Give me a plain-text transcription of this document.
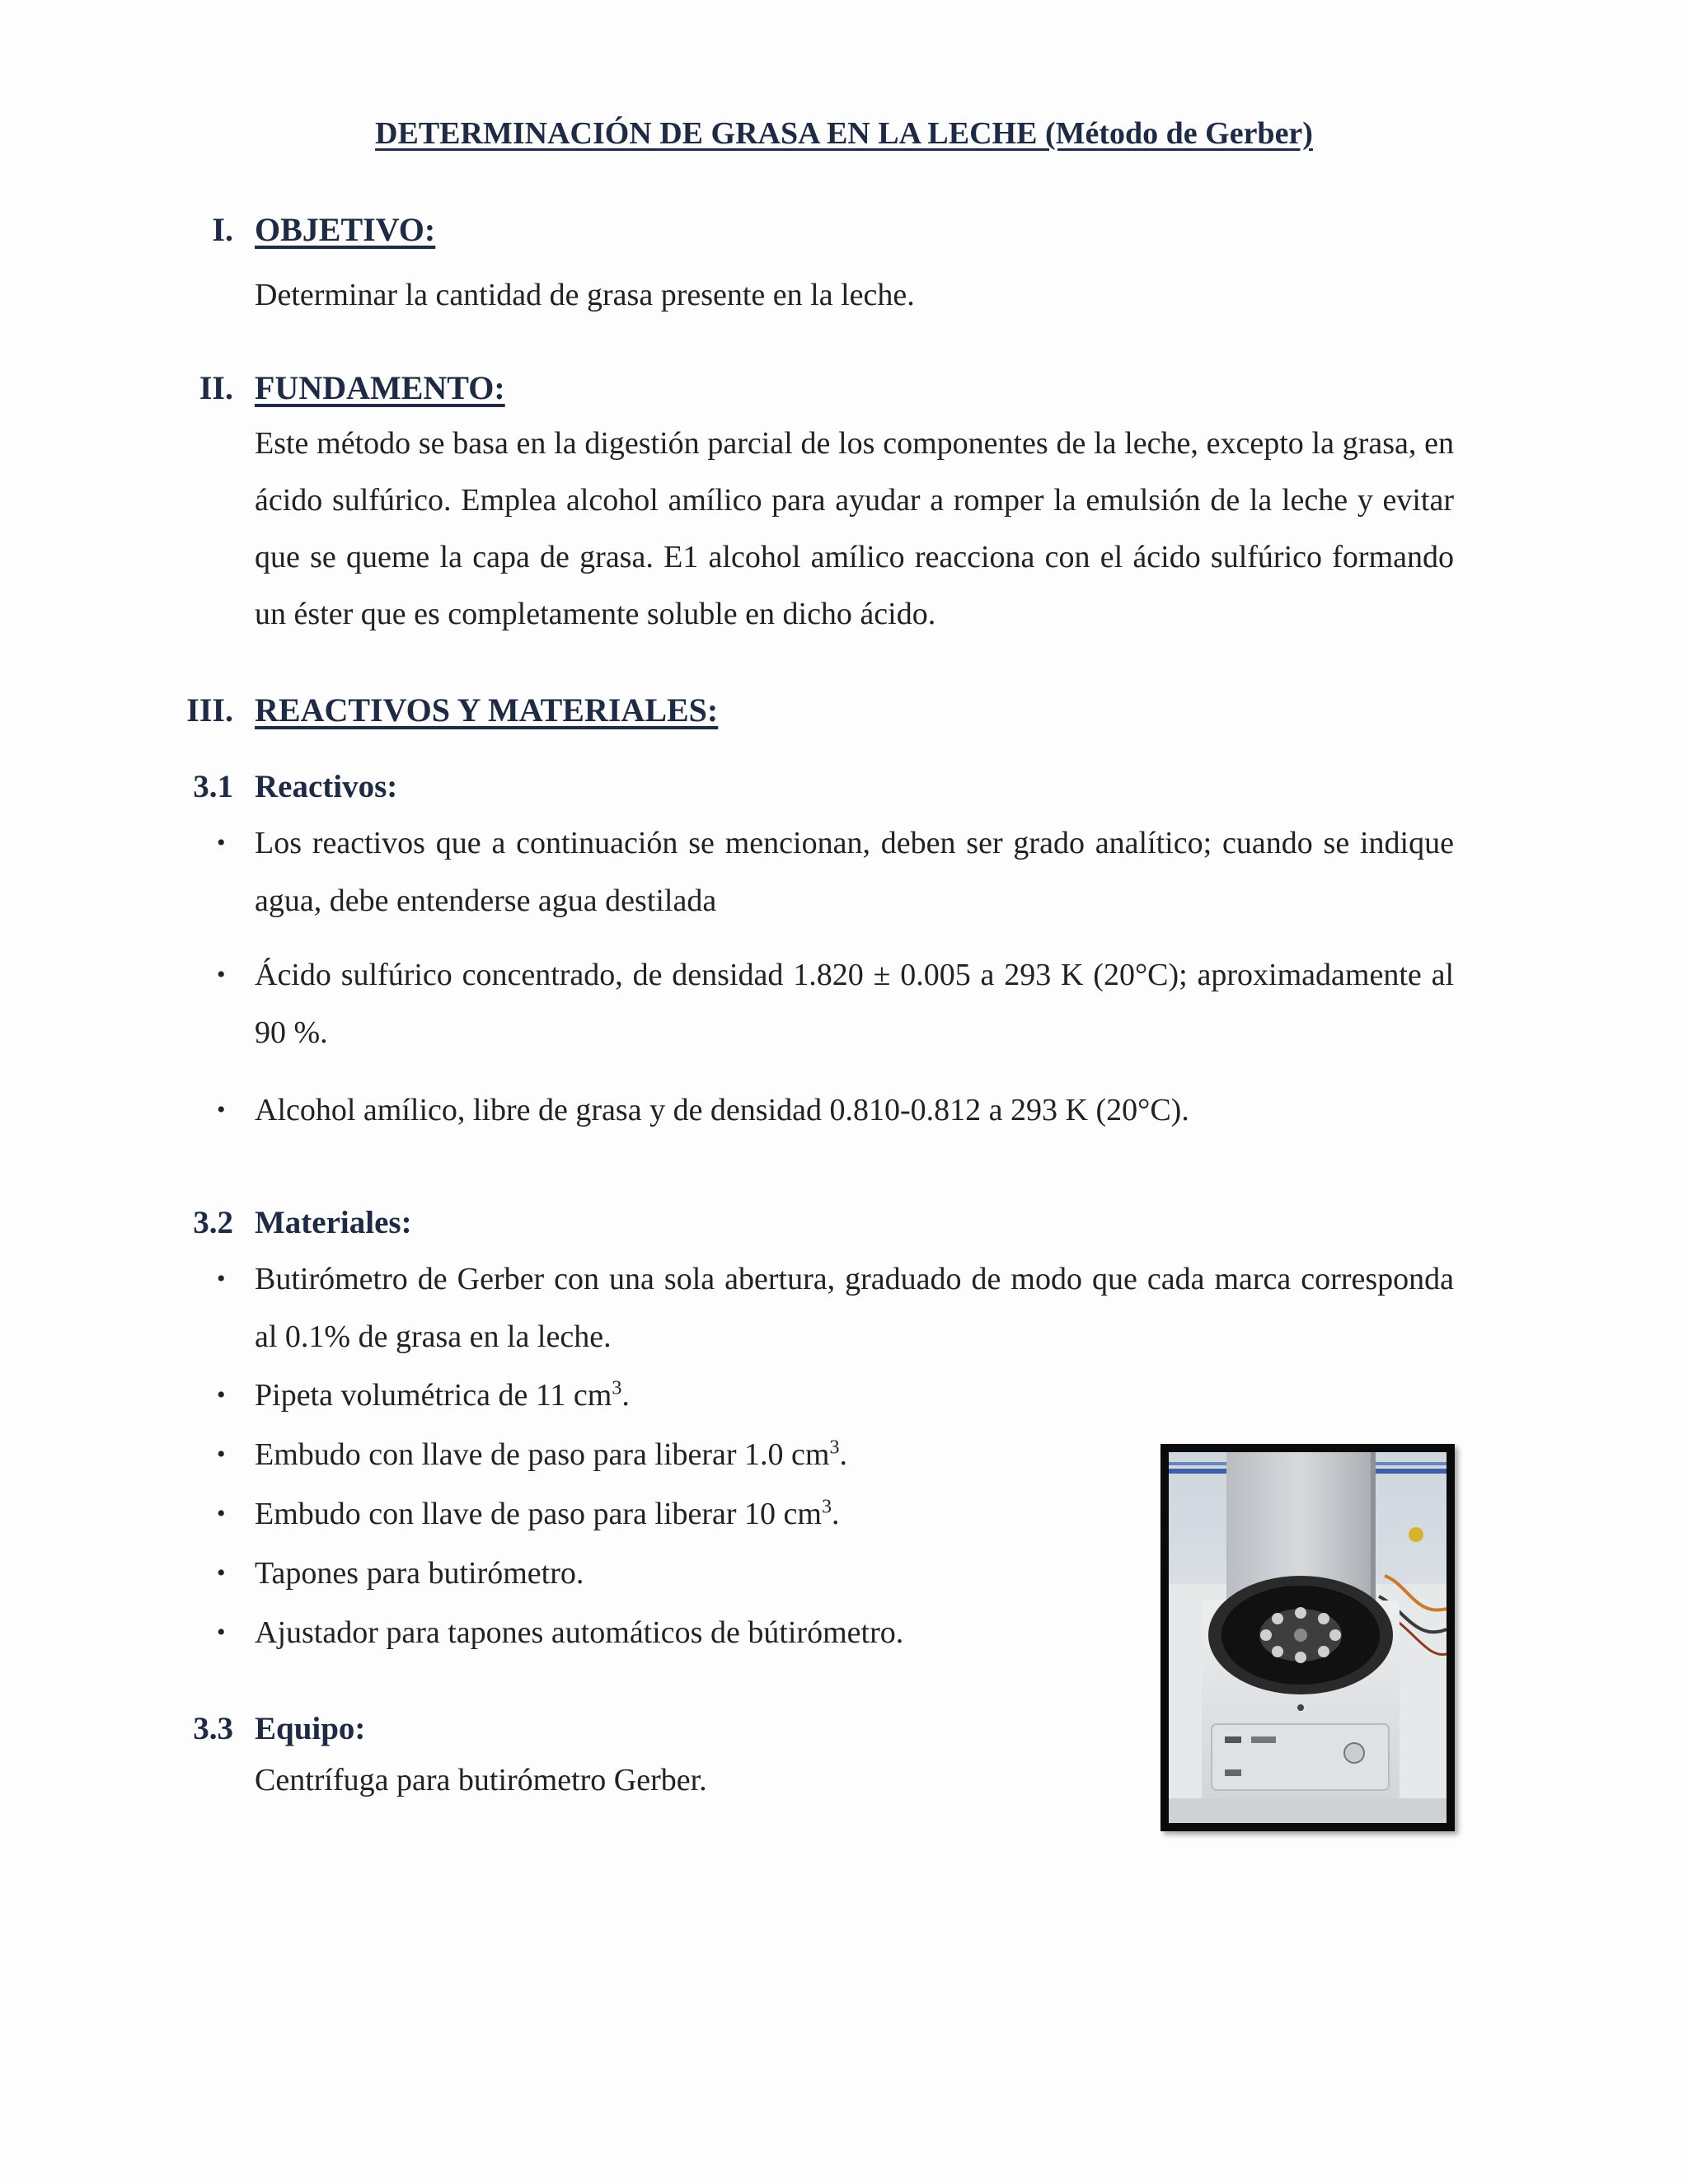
DETERMINACIÓN DE GRASA EN LA LECHE (Método de Gerber)
I. OBJETIVO:
Determinar la cantidad de grasa presente en la leche.
II. FUNDAMENTO:
Este método se basa en la digestión parcial de los componentes de la leche, excepto la grasa, en ácido sulfúrico. Emplea alcohol amílico para ayudar a romper la emulsión de la leche y evitar que se queme la capa de grasa. E1 alcohol amílico reacciona con el ácido sulfúrico formando un éster que es completamente soluble en dicho ácido.
III. REACTIVOS Y MATERIALES:
3.1 Reactivos:
• Los reactivos que a continuación se mencionan, deben ser grado analítico; cuando se indique agua, debe entenderse agua destilada
• Ácido sulfúrico concentrado, de densidad 1.820 ± 0.005 a 293 K (20°C); aproximadamente al 90 %.
• Alcohol amílico, libre de grasa y de densidad 0.810-0.812 a 293 K (20°C).
3.2 Materiales:
• Butirómetro de Gerber con una sola abertura, graduado de modo que cada marca corresponda al 0.1% de grasa en la leche.
• Pipeta volumétrica de 11 $cm^3$.
• Embudo con llave de paso para liberar 1.0 $cm^3$.
• Embudo con llave de paso para liberar 10 $cm^3$.
• Tapones para butirómetro.
• Ajustador para tapones automáticos de bútirómetro.
3.3 Equipo:
Centrífuga para butirómetro Gerber.
